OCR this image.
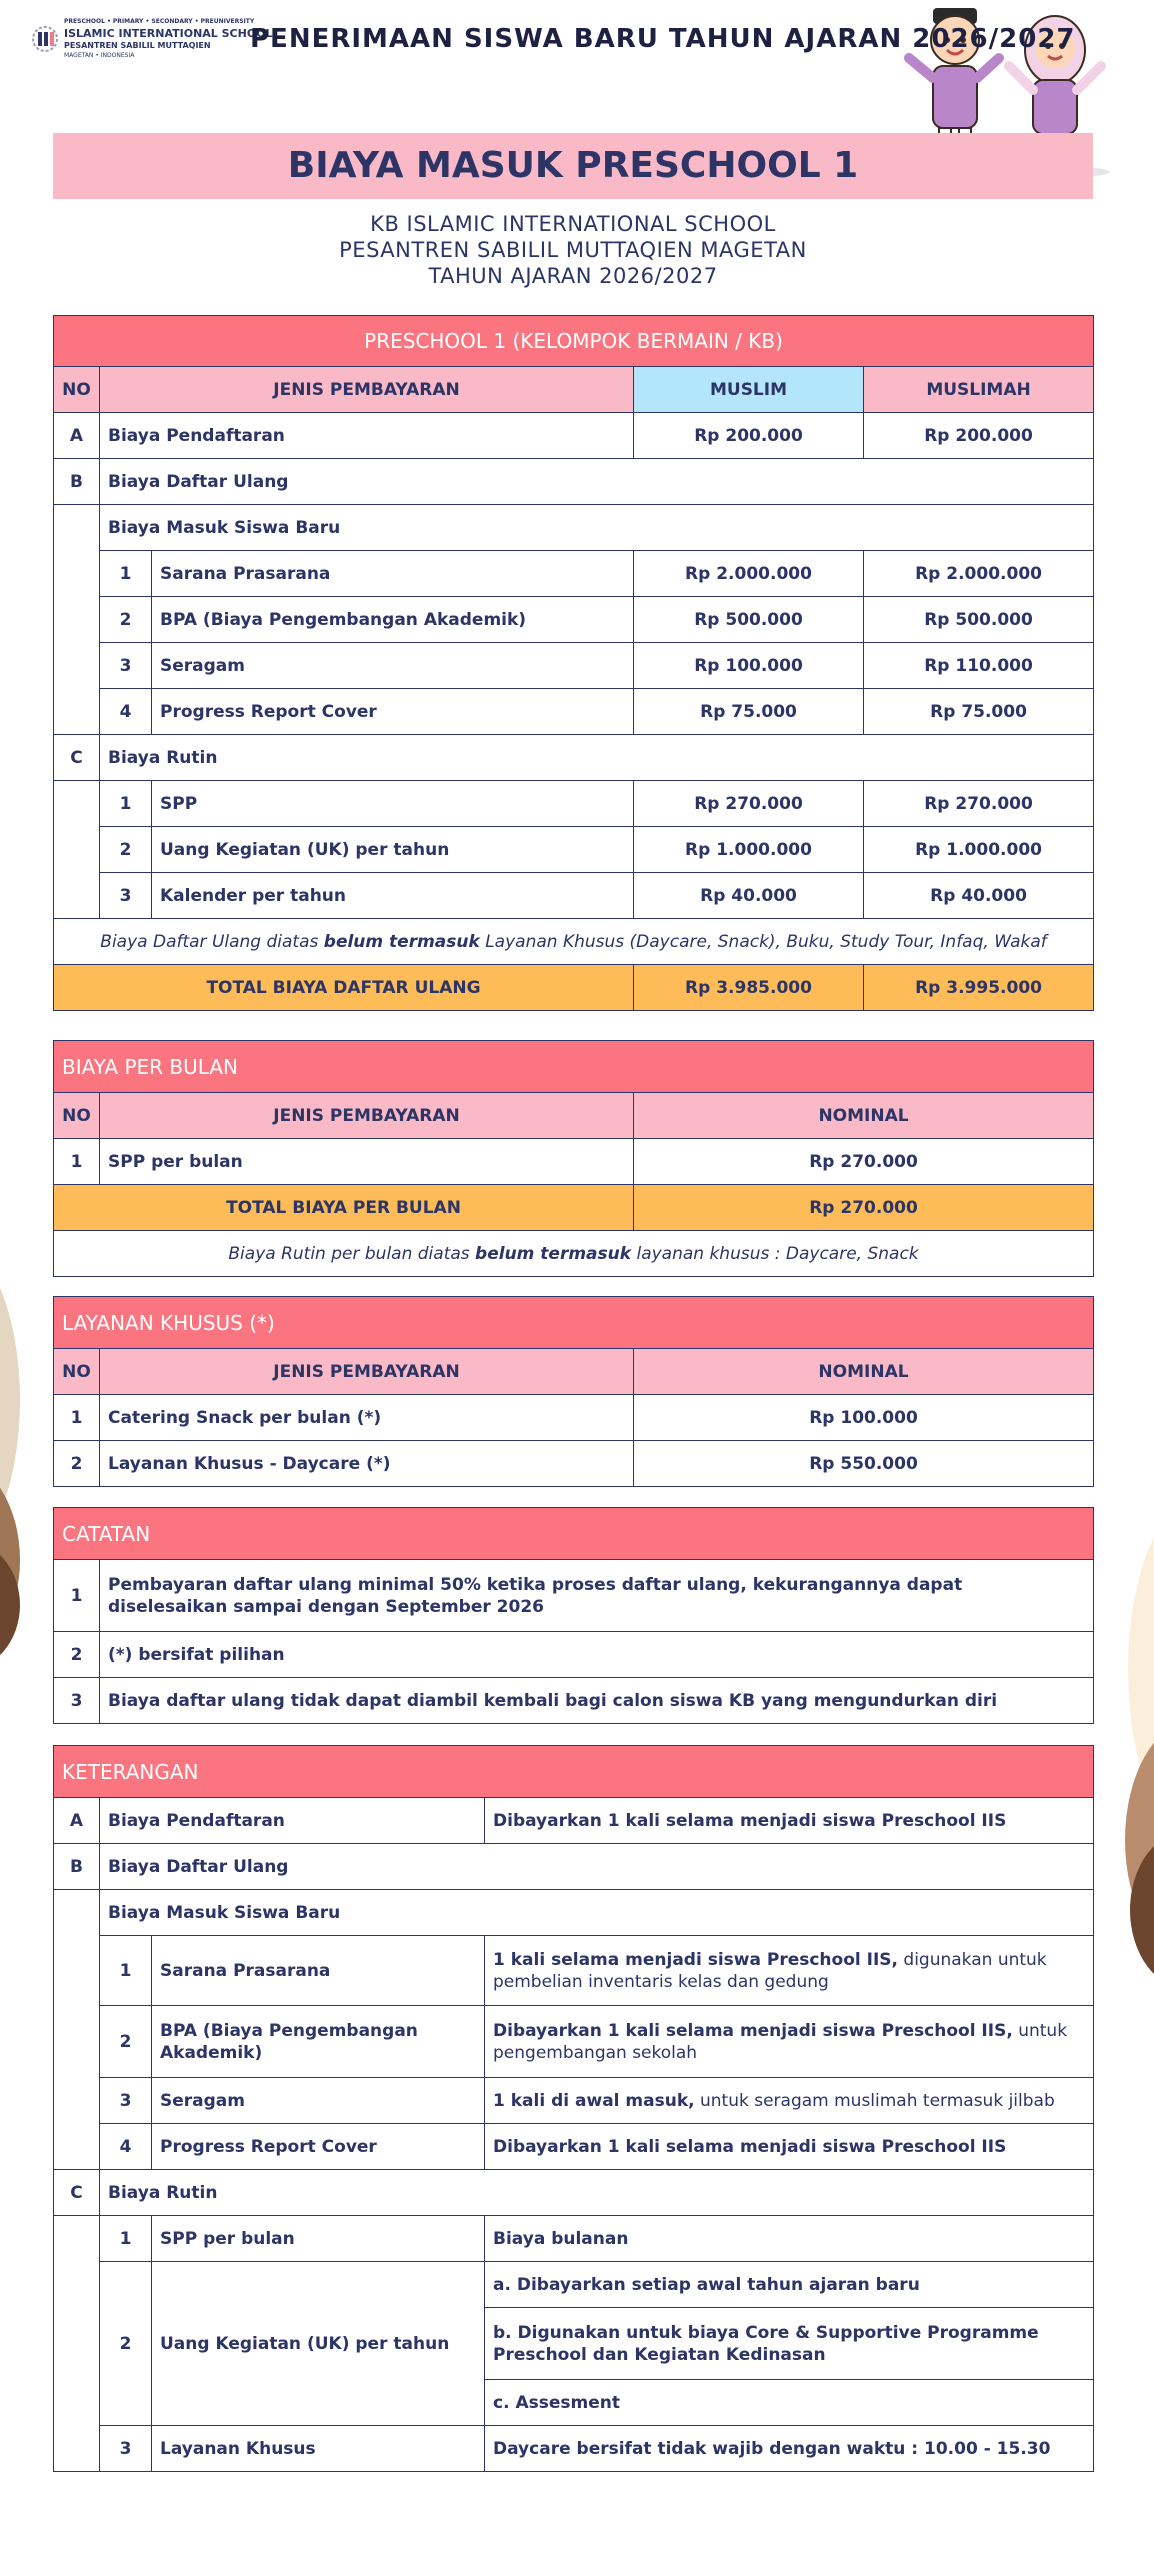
PRESCHOOL • PRIMARY • SECONDARY • PREUNIVERSITY
ISLAMIC INTERNATIONAL SCHOOL
PESANTREN SABILIL MUTTAQIEN
MAGETAN • INDONESIA
PENERIMAAN SISWA BARU TAHUN AJARAN 2026/2027
BIAYA MASUK PRESCHOOL 1
KB ISLAMIC INTERNATIONAL SCHOOL
PESANTREN SABILIL MUTTAQIEN MAGETAN
TAHUN AJARAN 2026/2027
PRESCHOOL 1 (KELOMPOK BERMAIN / KB)				
NO	JENIS PEMBAYARAN		MUSLIM	MUSLIMAH
A	Biaya Pendaftaran		Rp 200.000	Rp 200.000
B	Biaya Daftar Ulang			
	Biaya Masuk Siswa Baru			
	1	Sarana Prasarana	Rp 2.000.000	Rp 2.000.000
	2	BPA (Biaya Pengembangan Akademik)	Rp 500.000	Rp 500.000
	3	Seragam	Rp 100.000	Rp 110.000
	4	Progress Report Cover	Rp 75.000	Rp 75.000
C	Biaya Rutin			
	1	SPP	Rp 270.000	Rp 270.000
	2	Uang Kegiatan (UK) per tahun	Rp 1.000.000	Rp 1.000.000
	3	Kalender per tahun	Rp 40.000	Rp 40.000
Biaya Daftar Ulang diatas belum termasuk Layanan Khusus (Daycare, Snack), Buku, Study Tour, Infaq, Wakaf				
TOTAL BIAYA DAFTAR ULANG			Rp 3.985.000	Rp 3.995.000
BIAYA PER BULAN		
NO	JENIS PEMBAYARAN	NOMINAL
1	SPP per bulan	Rp 270.000
TOTAL BIAYA PER BULAN		Rp 270.000
Biaya Rutin per bulan diatas belum termasuk layanan khusus : Daycare, Snack		
LAYANAN KHUSUS (*)		
NO	JENIS PEMBAYARAN	NOMINAL
1	Catering Snack per bulan (*)	Rp 100.000
2	Layanan Khusus - Daycare (*)	Rp 550.000
CATATAN	
1	Pembayaran daftar ulang minimal 50% ketika proses daftar ulang, kekurangannya dapat diselesaikan sampai dengan September 2026
2	(*) bersifat pilihan
3	Biaya daftar ulang tidak dapat diambil kembali bagi calon siswa KB yang mengundurkan diri
KETERANGAN			
A	Biaya Pendaftaran		Dibayarkan 1 kali selama menjadi siswa Preschool IIS
B	Biaya Daftar Ulang		
	Biaya Masuk Siswa Baru		
	1	Sarana Prasarana	1 kali selama menjadi siswa Preschool IIS, digunakan untuk pembelian inventaris kelas dan gedung
	2	BPA (Biaya Pengembangan Akademik)	Dibayarkan 1 kali selama menjadi siswa Preschool IIS, untuk pengembangan sekolah
	3	Seragam	1 kali di awal masuk, untuk seragam muslimah termasuk jilbab
	4	Progress Report Cover	Dibayarkan 1 kali selama menjadi siswa Preschool IIS
C	Biaya Rutin		
	1	SPP per bulan	Biaya bulanan
	2	Uang Kegiatan (UK) per tahun	a. Dibayarkan setiap awal tahun ajaran baru
			b. Digunakan untuk biaya Core & Supportive Programme Preschool dan Kegiatan Kedinasan
			c. Assesment
	3	Layanan Khusus	Daycare bersifat tidak wajib dengan waktu : 10.00 - 15.30
